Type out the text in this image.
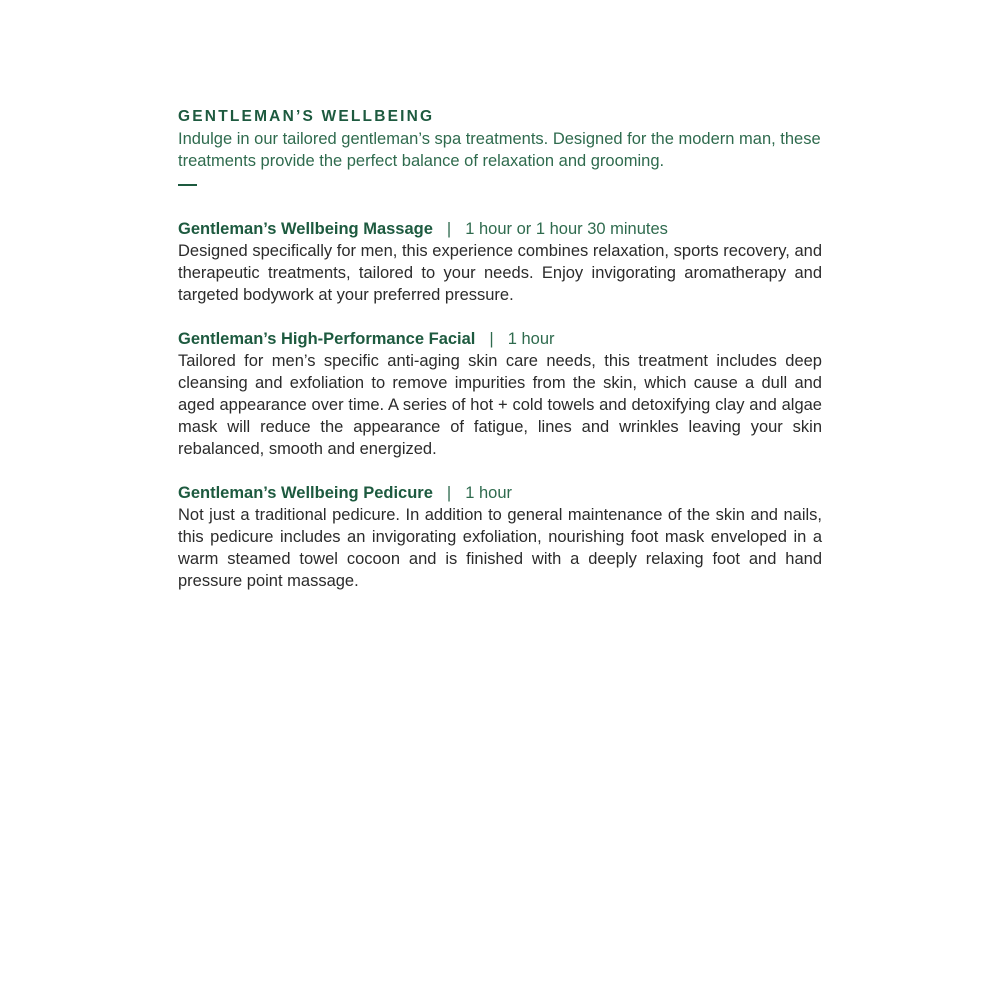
GENTLEMAN’S WELLBEING

Indulge in our tailored gentleman’s spa treatments. Designed for the modern man, these treatments provide the perfect balance of relaxation and grooming.

Gentleman’s Wellbeing Massage | 1 hour or 1 hour 30 minutes

Designed specifically for men, this experience combines relaxation, sports recovery, and therapeutic treatments, tailored to your needs. Enjoy invigorating aromatherapy and targeted bodywork at your preferred pressure.

Gentleman’s High-Performance Facial | 1 hour

Tailored for men’s specific anti-aging skin care needs, this treatment includes deep cleansing and exfoliation to remove impurities from the skin, which cause a dull and aged appearance over time. A series of hot + cold towels and detoxifying clay and algae mask will reduce the appearance of fatigue, lines and wrinkles leaving your skin rebalanced, smooth and energized.

Gentleman’s Wellbeing Pedicure | 1 hour

Not just a traditional pedicure. In addition to general maintenance of the skin and nails, this pedicure includes an invigorating exfoliation, nourishing foot mask enveloped in a warm steamed towel cocoon and is finished with a deeply relaxing foot and hand pressure point massage.
